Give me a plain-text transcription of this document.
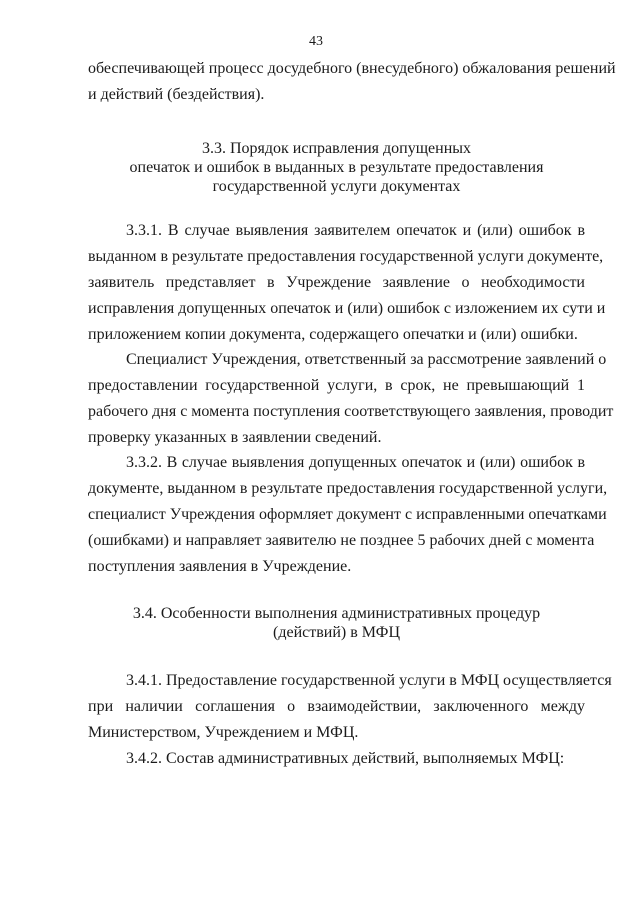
43
обеспечивающей процесс досудебного (внесудебного) обжалования решений
и действий (бездействия).
3.3. Порядок исправления допущенных
опечаток и ошибок в выданных в результате предоставления
государственной услуги документах
3.3.1. В случае выявления заявителем опечаток и (или) ошибок в
выданном в результате предоставления государственной услуги документе,
заявитель представляет в Учреждение заявление о необходимости
исправления допущенных опечаток и (или) ошибок с изложением их сути и
приложением копии документа, содержащего опечатки и (или) ошибки.
Специалист Учреждения, ответственный за рассмотрение заявлений о
предоставлении государственной услуги, в срок, не превышающий 1
рабочего дня с момента поступления соответствующего заявления, проводит
проверку указанных в заявлении сведений.
3.3.2. В случае выявления допущенных опечаток и (или) ошибок в
документе, выданном в результате предоставления государственной услуги,
специалист Учреждения оформляет документ с исправленными опечатками
(ошибками) и направляет заявителю не позднее 5 рабочих дней с момента
поступления заявления в Учреждение.
3.4. Особенности выполнения административных процедур
(действий) в МФЦ
3.4.1. Предоставление государственной услуги в МФЦ осуществляется
при наличии соглашения о взаимодействии, заключенного между
Министерством, Учреждением и МФЦ.
3.4.2. Состав административных действий, выполняемых МФЦ:
